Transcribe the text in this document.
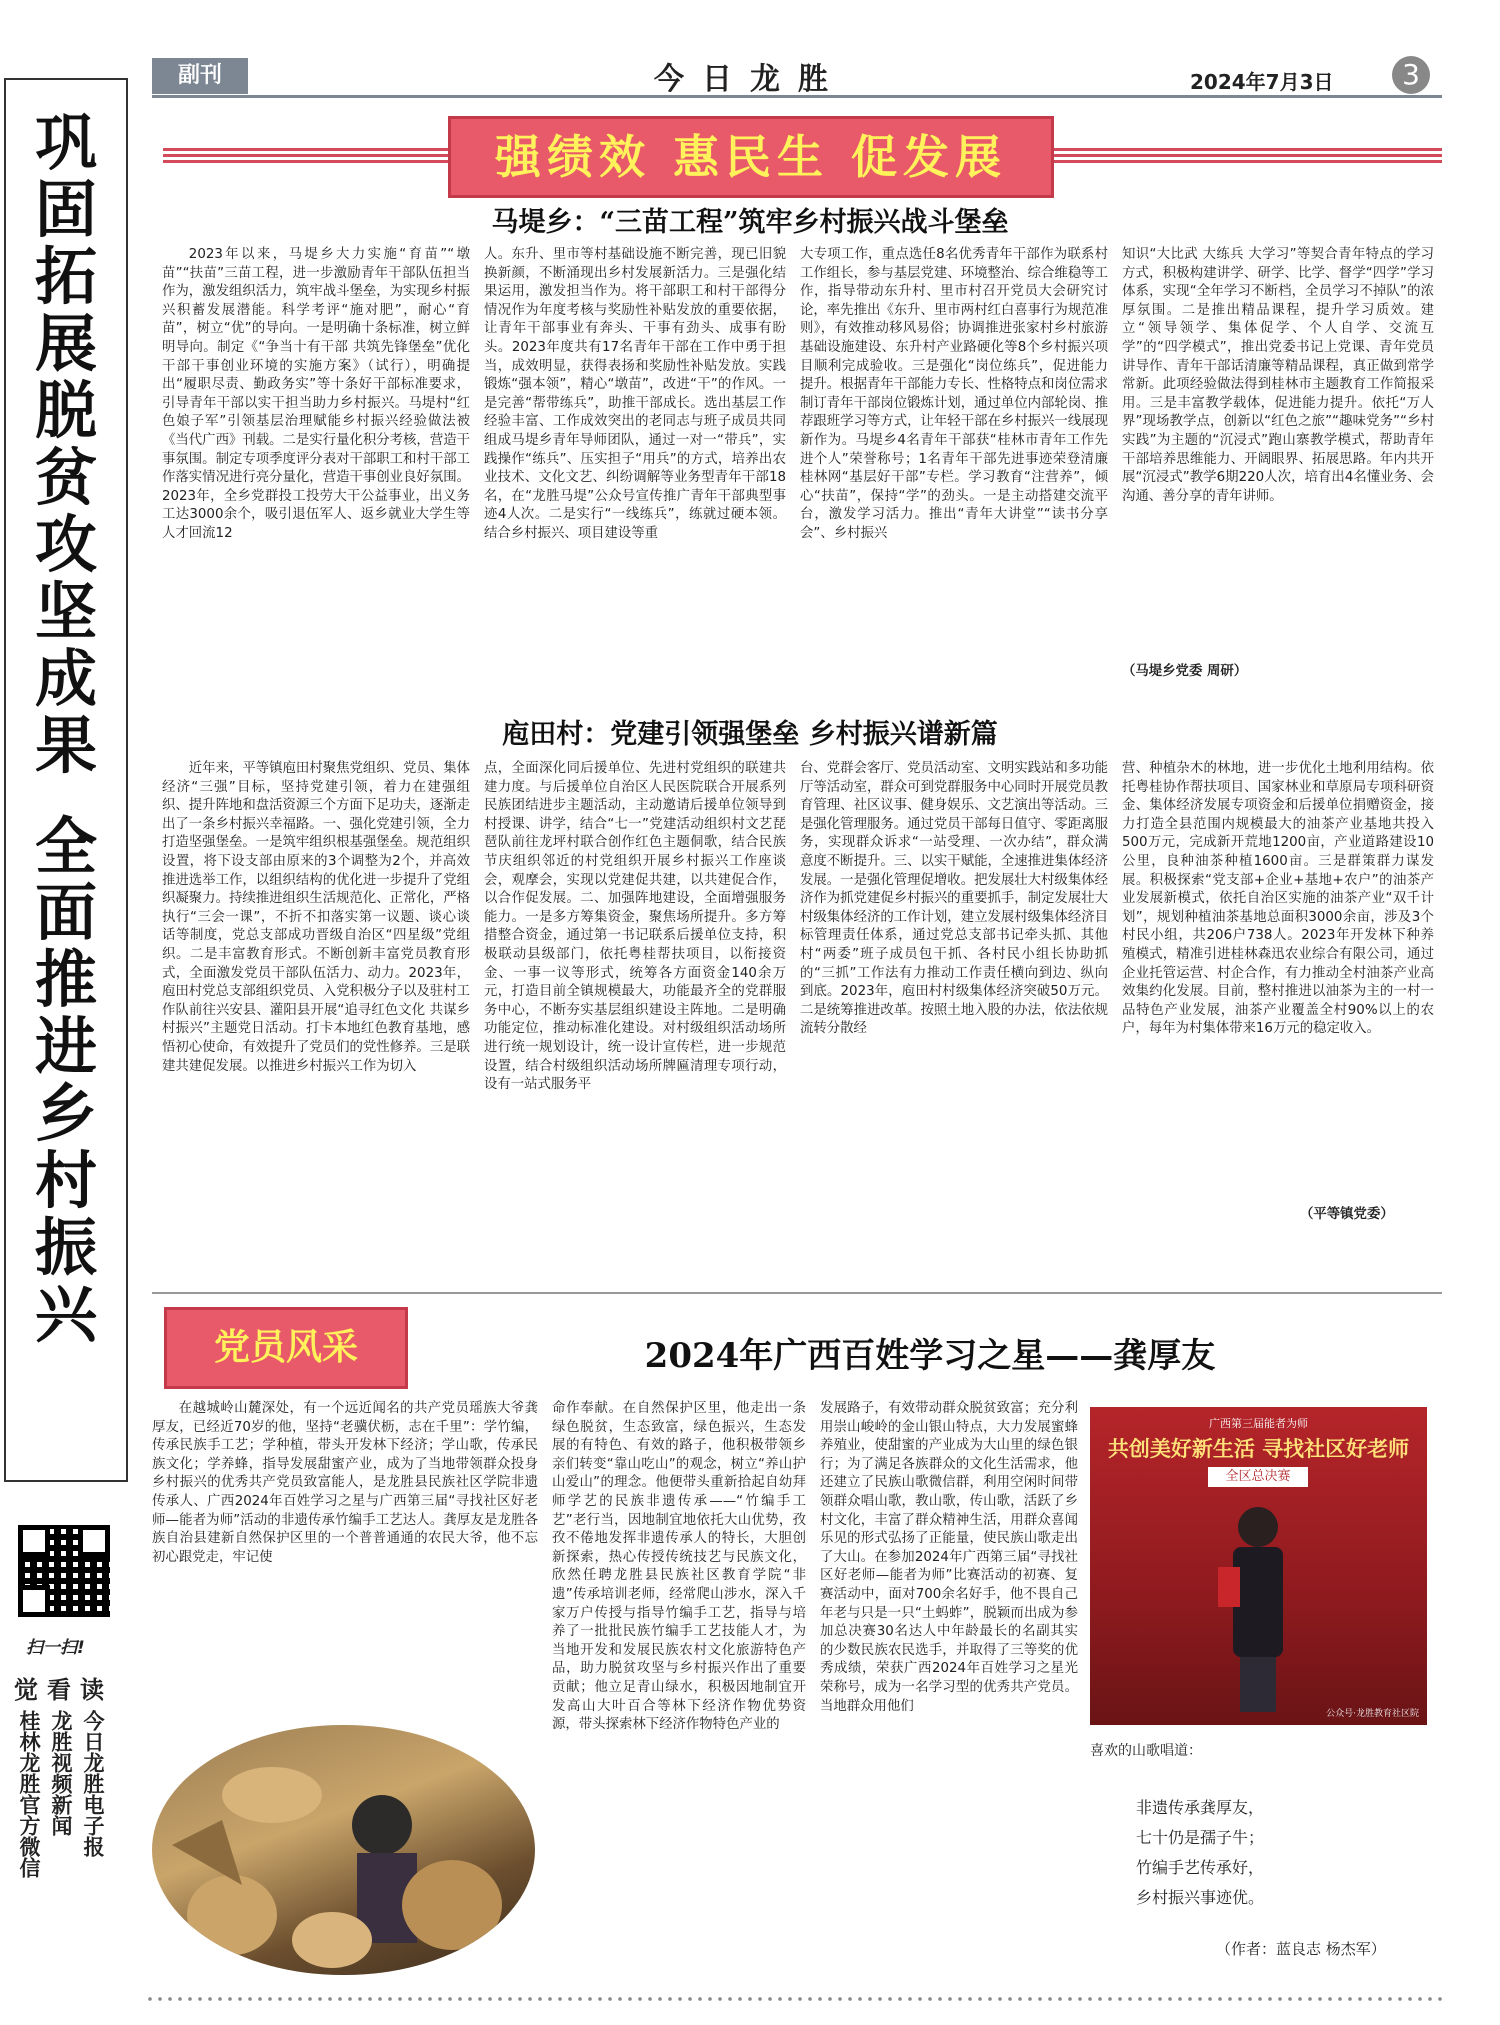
巩
固
拓
展
脱
贫
攻
坚
成
果

全
面
推
进
乡
村
振
兴
扫一扫!
觉看读
今日龙胜电子报
龙胜视频新闻
桂林龙胜官方微信
副刊	今日龙胜	2024年7月3日	3
强绩效 惠民生 促发展
马堤乡：“三苗工程”筑牢乡村振兴战斗堡垒

2023年以来，马堤乡大力实施“育苗”“墩苗”“扶苗”三苗工程，进一步激励青年干部队伍担当作为，激发组织活力，筑牢战斗堡垒，为实现乡村振兴积蓄发展潜能。科学考评“施对肥”，耐心“育苗”，树立“优”的导向。一是明确十条标准，树立鲜明导向。制定《“争当十有干部 共筑先锋堡垒”优化干部干事创业环境的实施方案》（试行），明确提出“履职尽责、勤政务实”等十条好干部标准要求，引导青年干部以实干担当助力乡村振兴。马堤村“红色娘子军”引领基层治理赋能乡村振兴经验做法被《当代广西》刊载。二是实行量化积分考核，营造干事氛围。制定专项季度评分表对干部职工和村干部工作落实情况进行亮分量化，营造干事创业良好氛围。2023年，全乡党群投工投劳大干公益事业，出义务工达3000余个，吸引退伍军人、返乡就业大学生等人才回流12

人。东升、里市等村基础设施不断完善，现已旧貌换新颜，不断涌现出乡村发展新活力。三是强化结果运用，激发担当作为。将干部职工和村干部得分情况作为年度考核与奖励性补贴发放的重要依据，让青年干部事业有奔头、干事有劲头、成事有盼头。2023年度共有17名青年干部在工作中勇于担当，成效明显，获得表扬和奖励性补贴发放。实践锻炼“强本领”，精心“墩苗”，改进“干”的作风。一是完善“帮带练兵”，助推干部成长。选出基层工作经验丰富、工作成效突出的老同志与班子成员共同组成马堤乡青年导师团队，通过一对一“带兵”，实践操作“练兵”、压实担子“用兵”的方式，培养出农业技术、文化文艺、纠纷调解等业务型青年干部18名，在“龙胜马堤”公众号宣传推广青年干部典型事迹4人次。二是实行“一线练兵”，练就过硬本领。结合乡村振兴、项目建设等重

大专项工作，重点选任8名优秀青年干部作为联系村工作组长，参与基层党建、环境整治、综合维稳等工作，指导带动东升村、里市村召开党员大会研究讨论，率先推出《东升、里市两村红白喜事行为规范准则》，有效推动移风易俗；协调推进张家村乡村旅游基础设施建设、东升村产业路硬化等8个乡村振兴项目顺利完成验收。三是强化“岗位练兵”，促进能力提升。根据青年干部能力专长、性格特点和岗位需求制订青年干部岗位锻炼计划，通过单位内部轮岗、推荐跟班学习等方式，让年轻干部在乡村振兴一线展现新作为。马堤乡4名青年干部获“桂林市青年工作先进个人”荣誉称号；1名青年干部先进事迹荣登清廉桂林网“基层好干部”专栏。学习教育“注营养”，倾心“扶苗”，保持“学”的劲头。一是主动搭建交流平台，激发学习活力。推出“青年大讲堂”“读书分享会”、乡村振兴

知识“大比武 大练兵 大学习”等契合青年特点的学习方式，积极构建讲学、研学、比学、督学“四学”学习体系，实现“全年学习不断档，全员学习不掉队”的浓厚氛围。二是推出精品课程，提升学习质效。建立“领导领学、集体促学、个人自学、交流互学”的“四学模式”，推出党委书记上党课、青年党员讲导作、青年干部话清廉等精品课程，真正做到常学常新。此项经验做法得到桂林市主题教育工作简报采用。三是丰富教学载体，促进能力提升。依托“万人界”现场教学点，创新以“红色之旅”“趣味党务”“乡村实践”为主题的“沉浸式”跑山寨教学模式，帮助青年干部培养思维能力、开阔眼界、拓展思路。年内共开展“沉浸式”教学6期220人次，培育出4名懂业务、会沟通、善分享的青年讲师。

（马堤乡党委 周研）
庖田村：党建引领强堡垒 乡村振兴谱新篇

近年来，平等镇庖田村聚焦党组织、党员、集体经济“三强”目标，坚持党建引领，着力在建强组织、提升阵地和盘活资源三个方面下足功夫，逐渐走出了一条乡村振兴幸福路。一、强化党建引领，全力打造坚强堡垒。一是筑牢组织根基强堡垒。规范组织设置，将下设支部由原来的3个调整为2个，并高效推进选举工作，以组织结构的优化进一步提升了党组织凝聚力。持续推进组织生活规范化、正常化，严格执行“三会一课”，不折不扣落实第一议题、谈心谈话等制度，党总支部成功晋级自治区“四星级”党组织。二是丰富教育形式。不断创新丰富党员教育形式，全面激发党员干部队伍活力、动力。2023年，庖田村党总支部组织党员、入党积极分子以及驻村工作队前往兴安县、灌阳县开展“追寻红色文化 共谋乡村振兴”主题党日活动。打卡本地红色教育基地，感悟初心使命，有效提升了党员们的党性修养。三是联建共建促发展。以推进乡村振兴工作为切入

点，全面深化同后援单位、先进村党组织的联建共建力度。与后援单位自治区人民医院联合开展系列民族团结进步主题活动，主动邀请后援单位领导到村授课、讲学，结合“七一”党建活动组织村文艺琵琶队前往龙坪村联合创作红色主题侗歌，结合民族节庆组织邻近的村党组织开展乡村振兴工作座谈会，观摩会，实现以党建促共建，以共建促合作，以合作促发展。二、加强阵地建设，全面增强服务能力。一是多方筹集资金，聚焦场所提升。多方筹措整合资金，通过第一书记联系后援单位支持，积极联动县级部门，依托粤桂帮扶项目，以衔接资金、一事一议等形式，统筹各方面资金140余万元，打造目前全镇规模最大，功能最齐全的党群服务中心，不断夯实基层组织建设主阵地。二是明确功能定位，推动标准化建设。对村级组织活动场所进行统一规划设计，统一设计宣传栏，进一步规范设置，结合村级组织活动场所牌匾清理专项行动，设有一站式服务平

台、党群会客厅、党员活动室、文明实践站和多功能厅等活动室，群众可到党群服务中心同时开展党员教育管理、社区议事、健身娱乐、文艺演出等活动。三是强化管理服务。通过党员干部每日值守、零距离服务，实现群众诉求“一站受理、一次办结”，群众满意度不断提升。三、以实干赋能，全速推进集体经济发展。一是强化管理促增收。把发展壮大村级集体经济作为抓党建促乡村振兴的重要抓手，制定发展壮大村级集体经济的工作计划，建立发展村级集体经济目标管理责任体系，通过党总支部书记牵头抓、其他村“两委”班子成员包干抓、各村民小组长协助抓的“三抓”工作法有力推动工作责任横向到边、纵向到底。2023年，庖田村村级集体经济突破50万元。二是统筹推进改革。按照土地入股的办法，依法依规流转分散经

营、种植杂木的林地，进一步优化土地利用结构。依托粤桂协作帮扶项目、国家林业和草原局专项科研资金、集体经济发展专项资金和后援单位捐赠资金，接力打造全县范围内规模最大的油茶产业基地共投入500万元，完成新开荒地1200亩，产业道路建设10公里，良种油茶种植1600亩。三是群策群力谋发展。积极探索“党支部+企业+基地+农户”的油茶产业发展新模式，依托自治区实施的油茶产业“双千计划”，规划种植油茶基地总面积3000余亩，涉及3个村民小组，共206户738人。2023年开发林下种养殖模式，精准引进桂林森迅农业综合有限公司，通过企业托管运营、村企合作，有力推动全村油茶产业高效集约化发展。目前，整村推进以油茶为主的一村一品特色产业发展，油茶产业覆盖全村90%以上的农户，每年为村集体带来16万元的稳定收入。

（平等镇党委）
党员风采	2024年广西百姓学习之星——龚厚友

在越城岭山麓深处，有一个远近闻名的共产党员瑶族大爷龚厚友，已经近70岁的他，坚持“老骥伏枥，志在千里”：学竹编，传承民族手工艺；学种植，带头开发林下经济；学山歌，传承民族文化；学养蜂，指导发展甜蜜产业，成为了当地带领群众投身乡村振兴的优秀共产党员致富能人，是龙胜县民族社区学院非遗传承人、广西2024年百姓学习之星与广西第三届“寻找社区好老师—能者为师”活动的非遗传承竹编手工艺达人。龚厚友是龙胜各族自治县建新自然保护区里的一个普普通通的农民大爷，他不忘初心跟党走，牢记使

命作奉献。在自然保护区里，他走出一条绿色脱贫，生态致富，绿色振兴，生态发展的有特色、有效的路子，他积极带领乡亲们转变“靠山吃山”的观念，树立“养山护山爱山”的理念。他便带头重新拾起自幼拜师学艺的民族非遗传承——“竹编手工艺”老行当，因地制宜地依托大山优势，孜孜不倦地发挥非遗传承人的特长，大胆创新探索，热心传授传统技艺与民族文化，欣然任聘龙胜县民族社区教育学院“非遗”传承培训老师，经常爬山涉水，深入千家万户传授与指导竹编手工艺，指导与培养了一批批民族竹编手工艺技能人才，为当地开发和发展民族农村文化旅游特色产品，助力脱贫攻坚与乡村振兴作出了重要贡献；他立足青山绿水，积极因地制宜开发高山大叶百合等林下经济作物优势资源，带头探索林下经济作物特色产业的

发展路子，有效带动群众脱贫致富；充分利用崇山峻岭的金山银山特点，大力发展蜜蜂养殖业，使甜蜜的产业成为大山里的绿色银行；为了满足各族群众的文化生活需求，他还建立了民族山歌微信群，利用空闲时间带领群众唱山歌，教山歌，传山歌，活跃了乡村文化，丰富了群众精神生活，用群众喜闻乐见的形式弘扬了正能量，使民族山歌走出了大山。在参加2024年广西第三届“寻找社区好老师—能者为师”比赛活动的初赛、复赛活动中，面对700余名好手，他不畏自己年老与只是一只“土蚂蚱”，脱颖而出成为参加总决赛30名达人中年龄最长的名副其实的少数民族农民选手，并取得了三等奖的优秀成绩，荣获广西2024年百姓学习之星光荣称号，成为一名学习型的优秀共产党员。当地群众用他们

广西第三届能者为师
共创美好新生活 寻找社区好老师
全区总决赛
公众号·龙胜教育社区院
喜欢的山歌唱道：
非遗传承龚厚友，
七十仍是孺子牛；
竹编手艺传承好，
乡村振兴事迹优。
（作者：蓝良志 杨杰军）
